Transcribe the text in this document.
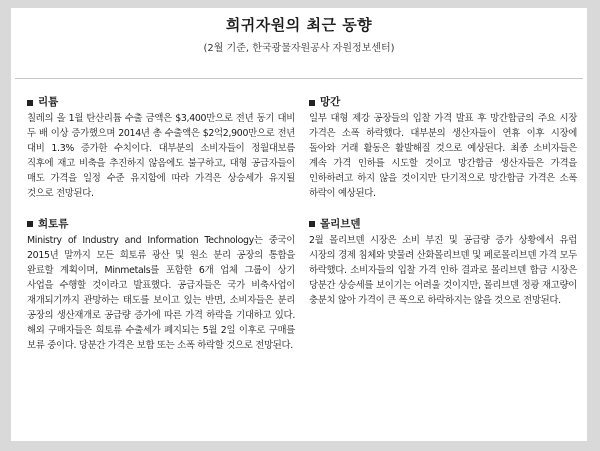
희귀자원의 최근 동향
(2월 기준, 한국광물자원공사 자원정보센터)
리튬
칠레의 올 1월 탄산리튬 수출 금액은 $3,400만으로 전년 동기 대비 두 배 이상 증가했으며 2014년 총 수출액은 $2억2,900만으로 전년 대비 1.3% 증가한 수치이다. 대부분의 소비자들이 정월대보름 직후에 재고 비축을 추진하지 않음에도 불구하고, 대형 공급자들이 매도 가격을 일정 수준 유지함에 따라 가격은 상승세가 유지될 것으로 전망된다.
희토류
Ministry of Industry and Information Technology는 중국이 2015년 말까지 모든 희토류 광산 및 원소 분리 공장의 통합을 완료할 계획이며, Minmetals를 포함한 6개 업체 그룹이 상기 사업을 수행할 것이라고 발표했다. 공급자들은 국가 비축사업이 재개되기까지 관망하는 태도를 보이고 있는 반면, 소비자들은 분리 공장의 생산재개로 공급량 증가에 따른 가격 하락을 기대하고 있다. 해외 구매자들은 희토류 수출세가 폐지되는 5월 2일 이후로 구매를 보류 중이다. 당분간 가격은 보합 또는 소폭 하락할 것으로 전망된다.
망간
일부 대형 제강 공장들의 입찰 가격 발표 후 망간합금의 주요 시장 가격은 소폭 하락했다. 대부분의 생산자들이 연휴 이후 시장에 돌아와 거래 활동은 활발해질 것으로 예상된다. 최종 소비자들은 계속 가격 인하를 시도할 것이고 망간합금 생산자들은 가격을 인하하려고 하지 않을 것이지만 단기적으로 망간합금 가격은 소폭 하락이 예상된다.
몰리브덴
2월 몰리브덴 시장은 소비 부진 및 공급량 증가 상황에서 유럽 시장의 경제 침체와 맞물려 산화몰리브덴 및 페로몰리브덴 가격 모두 하락했다. 소비자들의 입찰 가격 인하 결과로 몰리브덴 합금 시장은 당분간 상승세를 보이기는 어려울 것이지만, 몰리브덴 정광 재고량이 충분치 않아 가격이 큰 폭으로 하락하지는 않을 것으로 전망된다.
